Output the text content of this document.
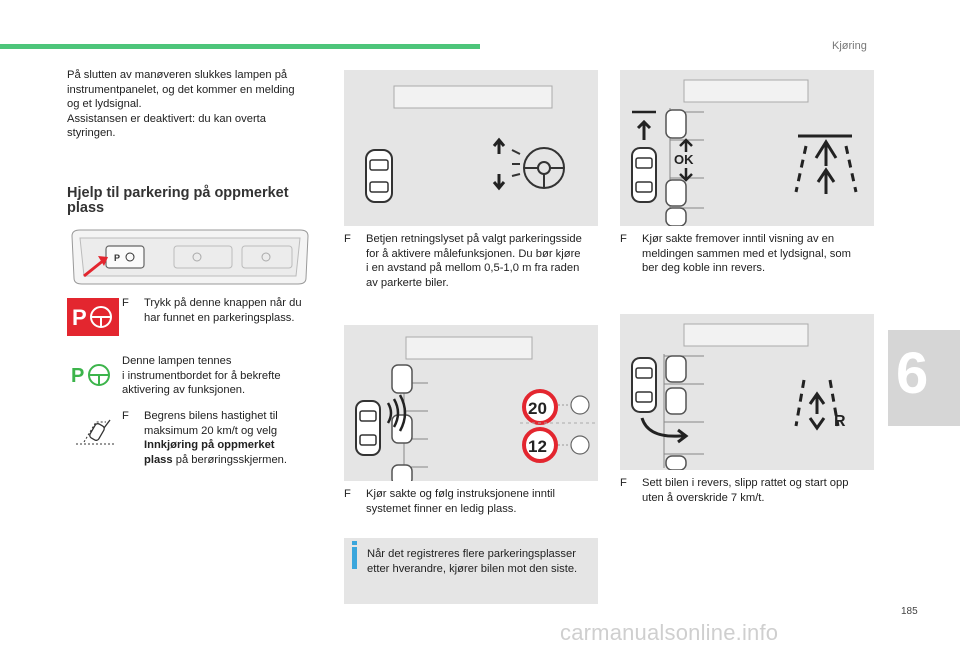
Kjøring
6
185
carmanualsonline.info
På slutten av manøveren slukkes lampen på
instrumentpanelet, og det kommer en melding
og et lydsignal.
Assistansen er deaktivert: du kan overta
styringen.
Hjelp til parkering på oppmerket
plass
P
P
F Trykk på denne knappen når du
har funnet en parkeringsplass.
P
Denne lampen tennes
i instrumentbordet for å bekrefte
aktivering av funksjonen.
F Begrens bilens hastighet til
maksimum 20 km/t og velg
Innkjøring på oppmerket
plass på berøringsskjermen.
F Betjen retningslyset på valgt parkeringsside
for å aktivere målefunksjonen. Du bør kjøre
i en avstand på mellom 0,5-1,0 m fra raden
av parkerte biler.
20
12
F Kjør sakte og følg instruksjonene inntil
systemet finner en ledig plass.
Når det registreres flere parkeringsplasser
etter hverandre, kjører bilen mot den siste.
OK
F Kjør sakte fremover inntil visning av en
meldingen sammen med et lydsignal, som
ber deg koble inn revers.
R
F Sett bilen i revers, slipp rattet og start opp
uten å overskride 7 km/t.
